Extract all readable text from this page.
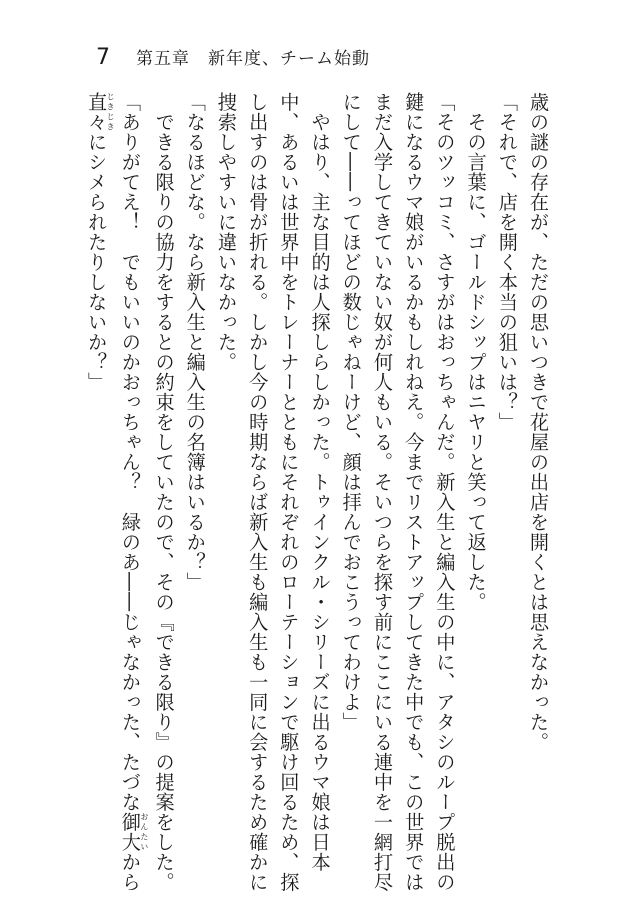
7 第五章　新年度、チーム始動

歳の謎の存在が、ただの思いつきで花屋の出店を開くとは思えなかった。

「それで、店を開く本当の狙いは？」

　その言葉に、ゴールドシップはニヤリと笑って返した。

「そのツッコミ、さすがはおっちゃんだ。新入生と編入生の中に、アタシのループ脱出の

鍵になるウマ娘がいるかもしれねえ。今までリストアップしてきた中でも、この世界では

まだ入学してきていない奴が何人もいる。そいつらを探す前にここにいる連中を一網打尽

にして――ってほどの数じゃねーけど、顔は拝んでおこうってわけよ」

　やはり、主な目的は人探しらしかった。トゥインクル・シリーズに出るウマ娘は日本

中、あるいは世界中をトレーナーとともにそれぞれのローテーションで駆け回るため、探

し出すのは骨が折れる。しかし今の時期ならば新入生も編入生も一同に会するため確かに

捜索しやすいに違いなかった。

「なるほどな。なら新入生と編入生の名簿はいるか？」

　できる限りの協力をするとの約束をしていたので、その『できる限り』の提案をした。

「ありがてえ！　でもいいのかおっちゃん？　緑のあ――じゃなかった、たづな御大おんたいから

直々じきじきにシメられたりしないか？」
